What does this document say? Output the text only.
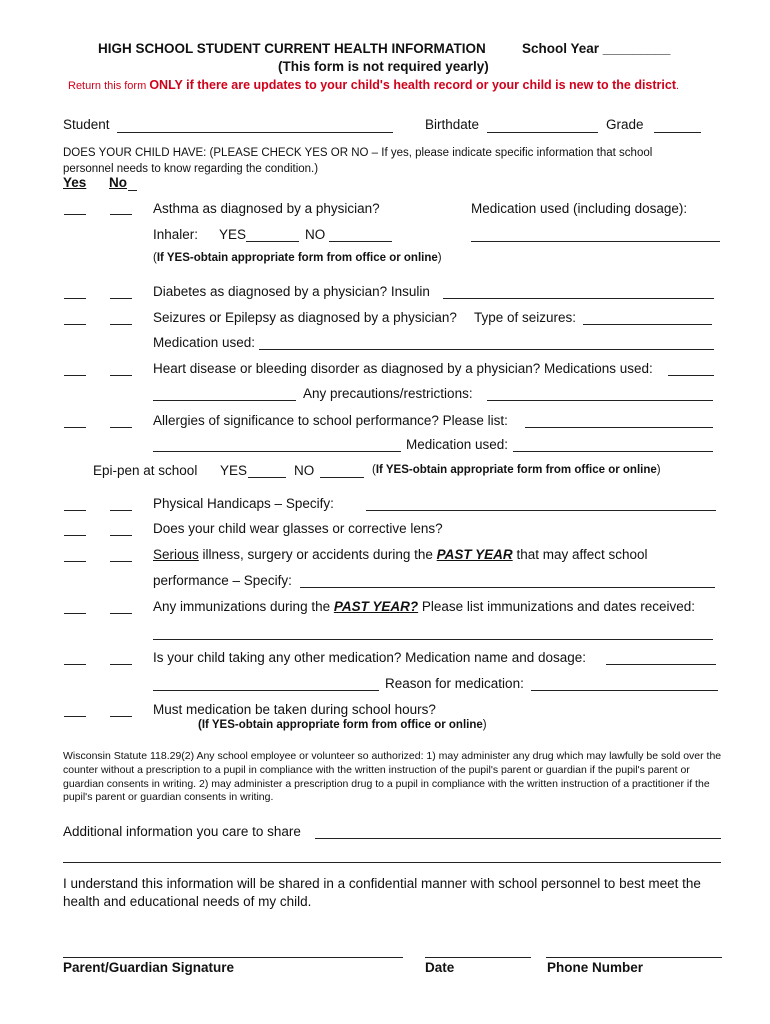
HIGH SCHOOL STUDENT CURRENT HEALTH INFORMATION	School Year _________
(This form is not required yearly)
Return this form ONLY if there are updates to your child's health record or your child is new to the district.
Student	Birthdate	Grade
DOES YOUR CHILD HAVE: (PLEASE CHECK YES OR NO – If yes, please indicate specific information that school personnel needs to know regarding the condition.)
Yes No
Asthma as diagnosed by a physician?	Medication used (including dosage):
Inhaler: YES	NO
(If YES-obtain appropriate form from office or online)
Diabetes as diagnosed by a physician? Insulin
Seizures or Epilepsy as diagnosed by a physician? Type of seizures:
Medication used:
Heart disease or bleeding disorder as diagnosed by a physician? Medications used:
Any precautions/restrictions:
Allergies of significance to school performance? Please list:
Medication used:
Epi-pen at school YES	NO	(If YES-obtain appropriate form from office or online)
Physical Handicaps – Specify:
Does your child wear glasses or corrective lens?
Serious illness, surgery or accidents during the PAST YEAR that may affect school
performance – Specify:
Any immunizations during the PAST YEAR? Please list immunizations and dates received:
Is your child taking any other medication? Medication name and dosage:
Reason for medication:
Must medication be taken during school hours?
(If YES-obtain appropriate form from office or online)
Wisconsin Statute 118.29(2) Any school employee or volunteer so authorized: 1) may administer any drug which may lawfully be sold over the counter without a prescription to a pupil in compliance with the written instruction of the pupil's parent or guardian if the pupil's parent or guardian consents in writing. 2) may administer a prescription drug to a pupil in compliance with the written instruction of a practitioner if the pupil's parent or guardian consents in writing.
Additional information you care to share
I understand this information will be shared in a confidential manner with school personnel to best meet the health and educational needs of my child.
Parent/Guardian Signature	Date	Phone Number
